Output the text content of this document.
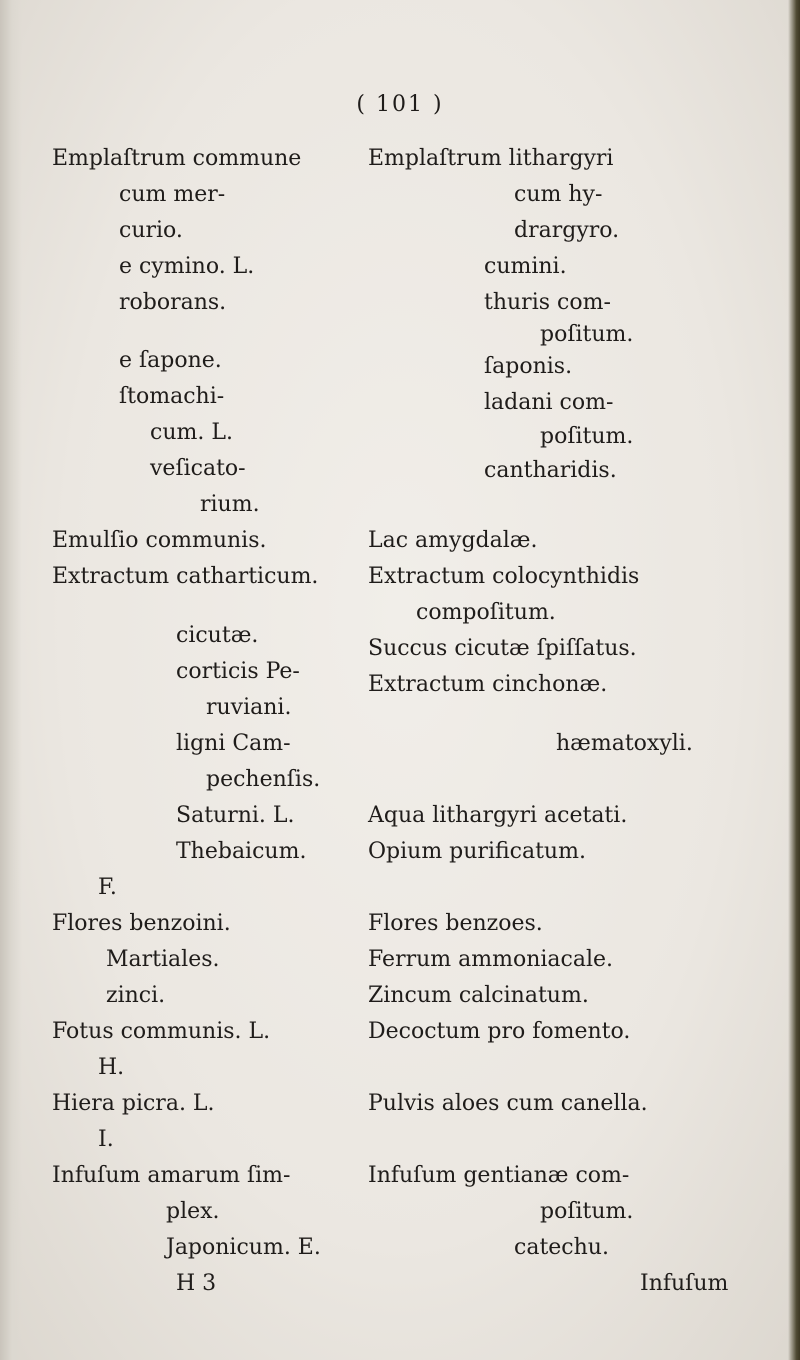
( 101 )
Emplaſtrum commune
cum mer-
curio.
e cymino. L.
roborans.
e ſapone.
ſtomachi-
cum. L.
veſicato-
rium.
Emulſio communis.
Extractum catharticum.
cicutæ.
corticis Pe-
ruviani.
ligni Cam-
pechenſis.
Saturni. L.
Thebaicum.
F.
Flores benzoini.
Martiales.
zinci.
Fotus communis. L.
H.
Hiera picra. L.
I.
Infuſum amarum ſim-
plex.
Japonicum. E.
H 3
Emplaſtrum lithargyri
cum hy-
drargyro.
cumini.
thuris com-
poſitum.
ſaponis.
ladani com-
poſitum.
cantharidis.
Lac amygdalæ.
Extractum colocynthidis
compoſitum.
Succus cicutæ ſpiſſatus.
Extractum cinchonæ.
hæmatoxyli.
Aqua lithargyri acetati.
Opium purificatum.
Flores benzoes.
Ferrum ammoniacale.
Zincum calcinatum.
Decoctum pro fomento.
Pulvis aloes cum canella.
Infuſum gentianæ com-
poſitum.
catechu.
Infuſum
